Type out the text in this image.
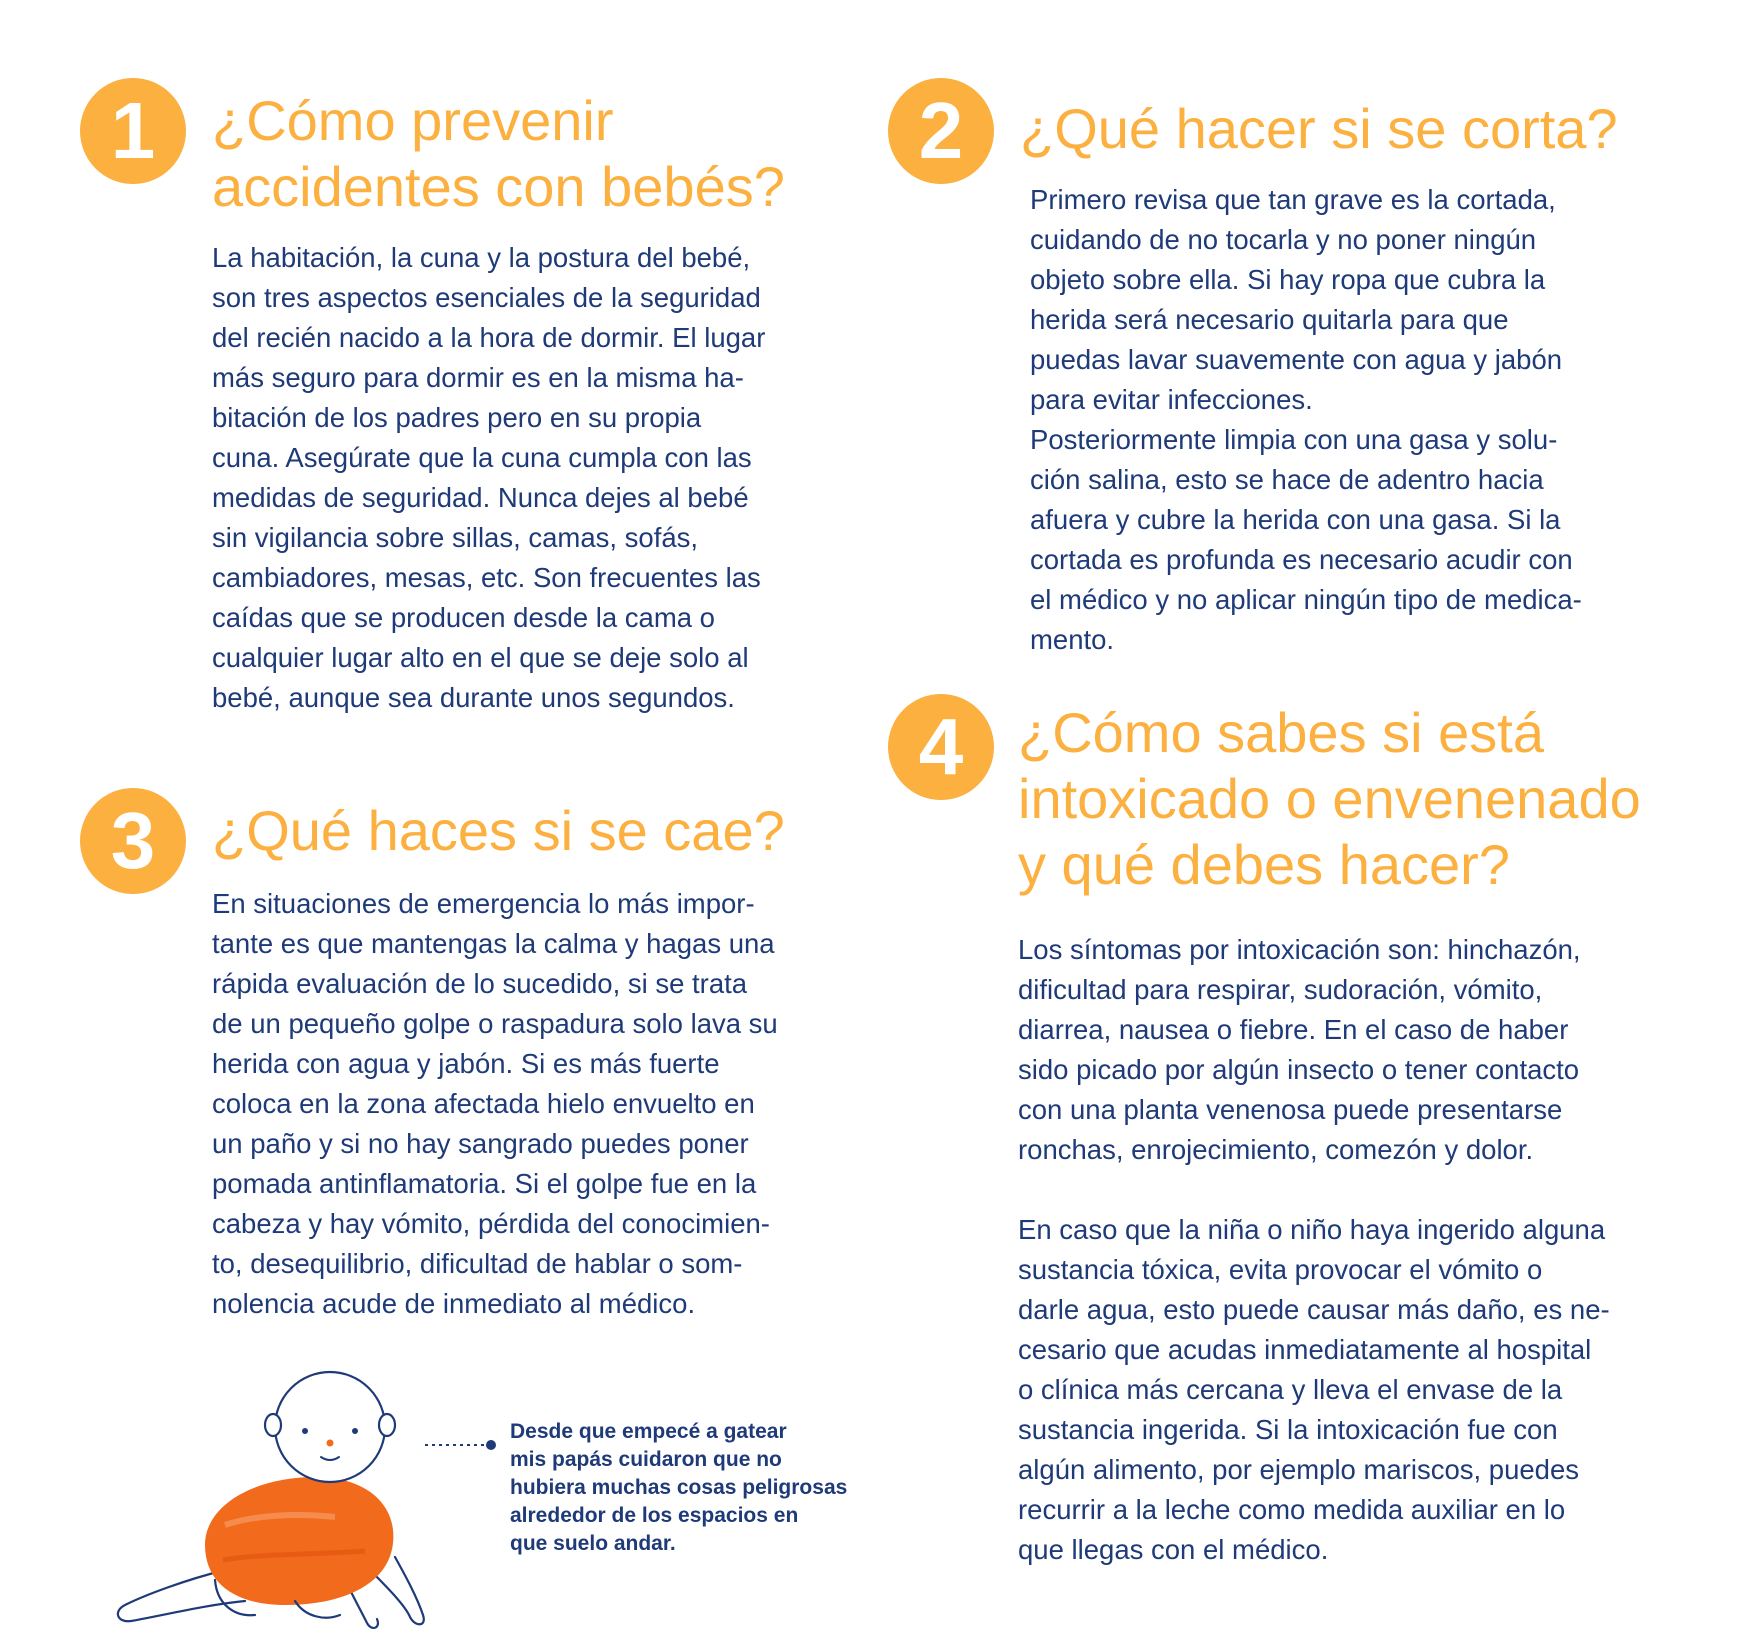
1	¿Cómo prevenir
accidentes con bebés?

La habitación, la cuna y la postura del bebé,
son tres aspectos esenciales de la seguridad
del recién nacido a la hora de dormir. El lugar
más seguro para dormir es en la misma ha-
bitación de los padres pero en su propia
cuna. Asegúrate que la cuna cumpla con las
medidas de seguridad. Nunca dejes al bebé
sin vigilancia sobre sillas, camas, sofás,
cambiadores, mesas, etc. Son frecuentes las
caídas que se producen desde la cama o
cualquier lugar alto en el que se deje solo al
bebé, aunque sea durante unos segundos.

2	¿Qué hacer si se corta?

Primero revisa que tan grave es la cortada,
cuidando de no tocarla y no poner ningún
objeto sobre ella. Si hay ropa que cubra la
herida será necesario quitarla para que
puedas lavar suavemente con agua y jabón
para evitar infecciones.
Posteriormente limpia con una gasa y solu-
ción salina, esto se hace de adentro hacia
afuera y cubre la herida con una gasa. Si la
cortada es profunda es necesario acudir con
el médico y no aplicar ningún tipo de medica-
mento.

3	¿Qué haces si se cae?

En situaciones de emergencia lo más impor-
tante es que mantengas la calma y hagas una
rápida evaluación de lo sucedido, si se trata
de un pequeño golpe o raspadura solo lava su
herida con agua y jabón. Si es más fuerte
coloca en la zona afectada hielo envuelto en
un paño y si no hay sangrado puedes poner
pomada antinflamatoria. Si el golpe fue en la
cabeza y hay vómito, pérdida del conocimien-
to, desequilibrio, dificultad de hablar o som-
nolencia acude de inmediato al médico.

4 ¿Cómo sabes si está
intoxicado o envenenado
y qué debes hacer?

Los síntomas por intoxicación son: hinchazón,
dificultad para respirar, sudoración, vómito,
diarrea, nausea o fiebre. En el caso de haber
sido picado por algún insecto o tener contacto
con una planta venenosa puede presentarse
ronchas, enrojecimiento, comezón y dolor.

En caso que la niña o niño haya ingerido alguna
sustancia tóxica, evita provocar el vómito o
darle agua, esto puede causar más daño, es ne-
cesario que acudas inmediatamente al hospital
o clínica más cercana y lleva el envase de la
sustancia ingerida. Si la intoxicación fue con
algún alimento, por ejemplo mariscos, puedes
recurrir a la leche como medida auxiliar en lo
que llegas con el médico.

Desde que empecé a gatear
mis papás cuidaron que no
hubiera muchas cosas peligrosas
alrededor de los espacios en
que suelo andar.
